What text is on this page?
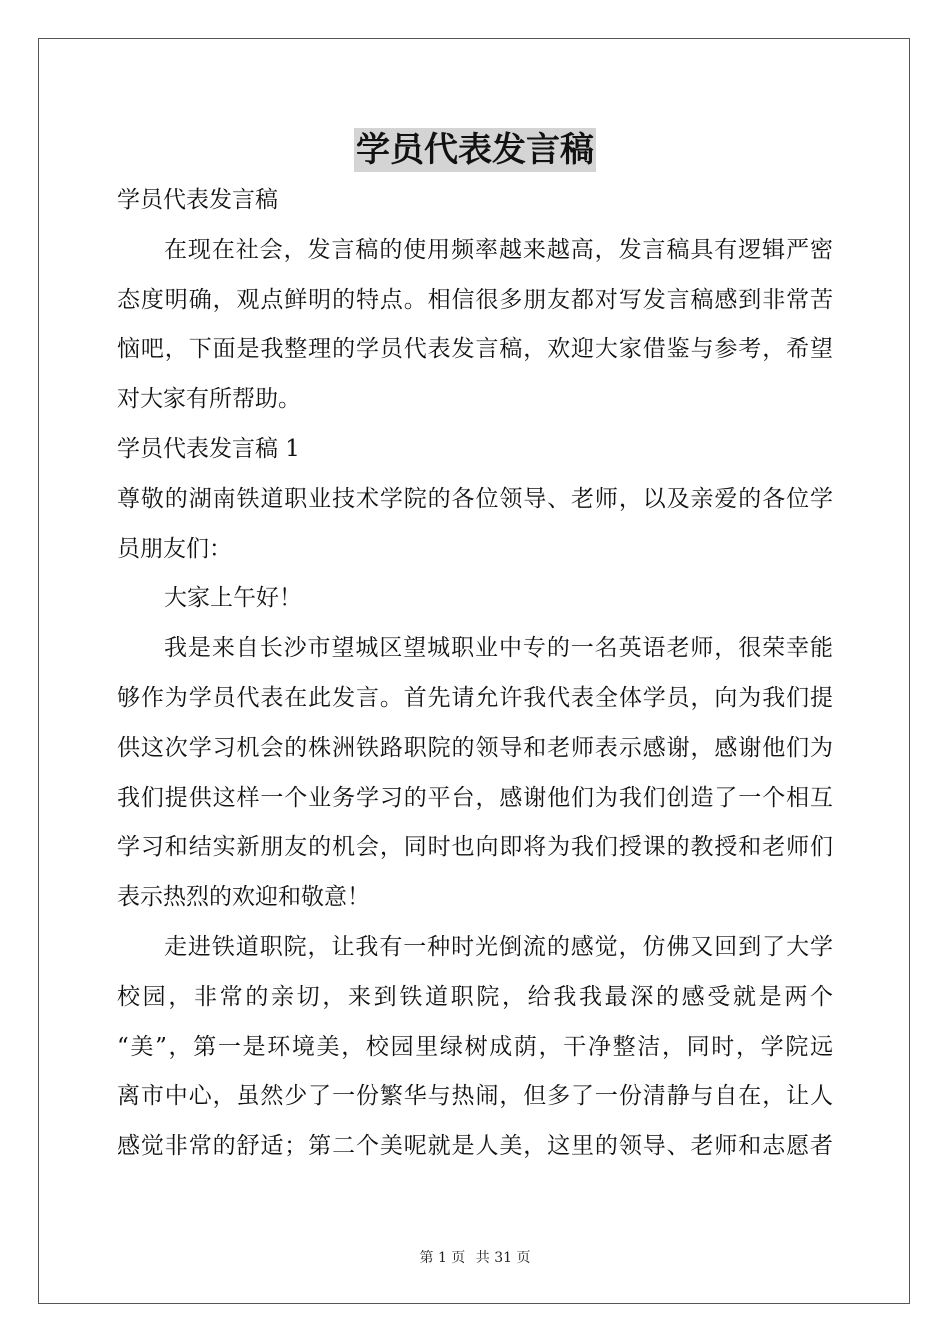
学员代表发言稿
学员代表发言稿
在现在社会，发言稿的使用频率越来越高，发言稿具有逻辑严密
态度明确，观点鲜明的特点。相信很多朋友都对写发言稿感到非常苦
恼吧，下面是我整理的学员代表发言稿，欢迎大家借鉴与参考，希望
对大家有所帮助。
学员代表发言稿 1
尊敬的湖南铁道职业技术学院的各位领导、老师，以及亲爱的各位学
员朋友们：
大家上午好！
我是来自长沙市望城区望城职业中专的一名英语老师，很荣幸能
够作为学员代表在此发言。首先请允许我代表全体学员，向为我们提
供这次学习机会的株洲铁路职院的领导和老师表示感谢，感谢他们为
我们提供这样一个业务学习的平台，感谢他们为我们创造了一个相互
学习和结实新朋友的机会，同时也向即将为我们授课的教授和老师们
表示热烈的欢迎和敬意！
走进铁道职院，让我有一种时光倒流的感觉，仿佛又回到了大学
校园，非常的亲切，来到铁道职院，给我我最深的感受就是两个
“美”，第一是环境美，校园里绿树成荫，干净整洁，同时，学院远
离市中心，虽然少了一份繁华与热闹，但多了一份清静与自在，让人
感觉非常的舒适；第二个美呢就是人美，这里的领导、老师和志愿者
第 1 页 共 31 页
